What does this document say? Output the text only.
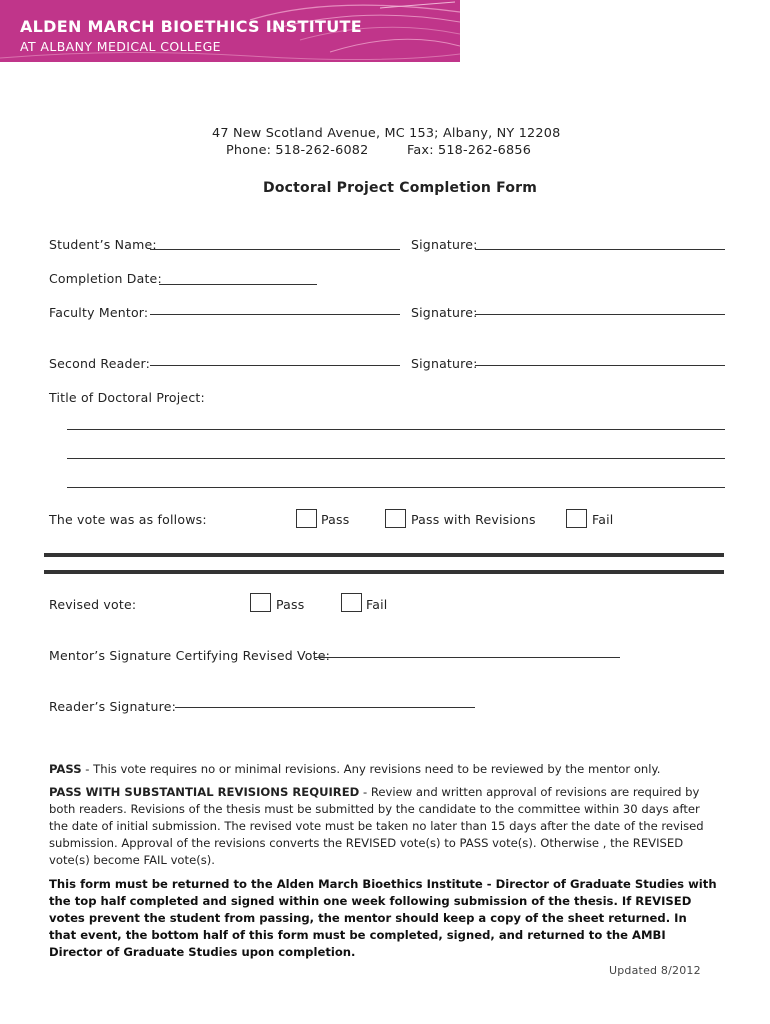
ALDEN MARCH BIOETHICS INSTITUTE
AT ALBANY MEDICAL COLLEGE
47 New Scotland Avenue, MC 153; Albany, NY 12208
Phone: 518-262-6082	Fax: 518-262-6856
Doctoral Project Completion Form
Student’s Name:	Signature:
Completion Date:
Faculty Mentor:	Signature:
Second Reader:	Signature:
Title of Doctoral Project:
The vote was as follows:	Pass	Pass with Revisions	Fail
Revised vote:	Pass	Fail
Mentor’s Signature Certifying Revised Vote:
Reader’s Signature:
PASS - This vote requires no or minimal revisions. Any revisions need to be reviewed by the mentor only.
PASS WITH SUBSTANTIAL REVISIONS REQUIRED - Review and written approval of revisions are required by both readers. Revisions of the thesis must be submitted by the candidate to the committee within 30 days after the date of initial submission. The revised vote must be taken no later than 15 days after the date of the revised submission. Approval of the revisions converts the REVISED vote(s) to PASS vote(s). Otherwise , the REVISED vote(s) become FAIL vote(s).
This form must be returned to the Alden March Bioethics Institute - Director of Graduate Studies with the top half completed and signed within one week following submission of the thesis. If REVISED votes prevent the student from passing, the mentor should keep a copy of the sheet returned. In that event, the bottom half of this form must be completed, signed, and returned to the AMBI Director of Graduate Studies upon completion.
Updated 8/2012
